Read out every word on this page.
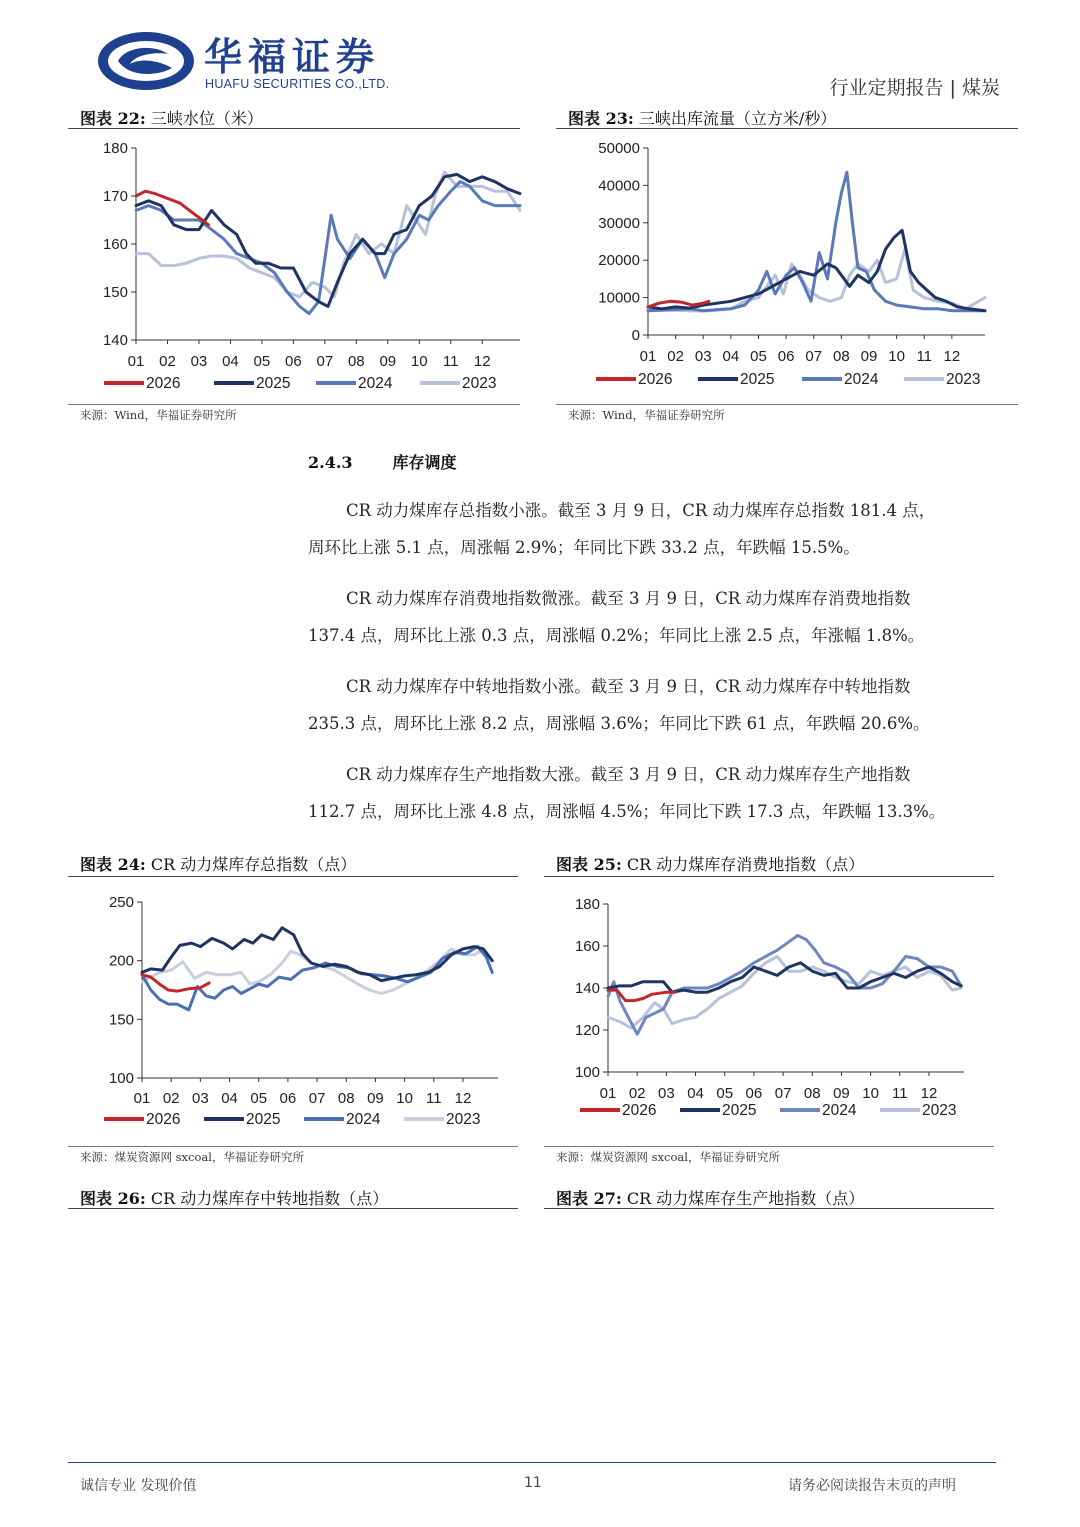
华福证券
HUAFU SECURITIES CO.,LTD.	行业定期报告 | 煤炭
图表 22: 三峡水位（米）	图表 23: 三峡出库流量（立方米/秒）
140
150
160
170
180
01 02 03 04 05 06 07 08 09 10 11 12
2026	2025	2024	2023
0
10000
20000
30000
40000
50000
01 02 03 04 05 06 07 08 09 10 11 12
2026	2025	2024	2023
来源：Wind，华福证券研究所	来源：Wind，华福证券研究所
2.4.3	库存调度
CR 动力煤库存总指数小涨。截至 3 月 9 日，CR 动力煤库存总指数 181.4 点，
周环比上涨 5.1 点，周涨幅 2.9%；年同比下跌 33.2 点，年跌幅 15.5%。
CR 动力煤库存消费地指数微涨。截至 3 月 9 日，CR 动力煤库存消费地指数
137.4 点，周环比上涨 0.3 点，周涨幅 0.2%；年同比上涨 2.5 点，年涨幅 1.8%。
CR 动力煤库存中转地指数小涨。截至 3 月 9 日，CR 动力煤库存中转地指数
235.3 点，周环比上涨 8.2 点，周涨幅 3.6%；年同比下跌 61 点，年跌幅 20.6%。
CR 动力煤库存生产地指数大涨。截至 3 月 9 日，CR 动力煤库存生产地指数
112.7 点，周环比上涨 4.8 点，周涨幅 4.5%；年同比下跌 17.3 点，年跌幅 13.3%。
图表 24: CR 动力煤库存总指数（点）	图表 25: CR 动力煤库存消费地指数（点）
100
150
200
250
01 02 03 04 05 06 07 08 09 10 11 12
2026	2025	2024	2023
100
120
140
160
180
01 02 03 04 05 06 07 08 09 10 11 12
2026	2025	2024	2023
来源：煤炭资源网 sxcoal，华福证券研究所	来源：煤炭资源网 sxcoal，华福证券研究所
图表 26: CR 动力煤库存中转地指数（点）	图表 27: CR 动力煤库存生产地指数（点）
诚信专业 发现价值	11	请务必阅读报告末页的声明
